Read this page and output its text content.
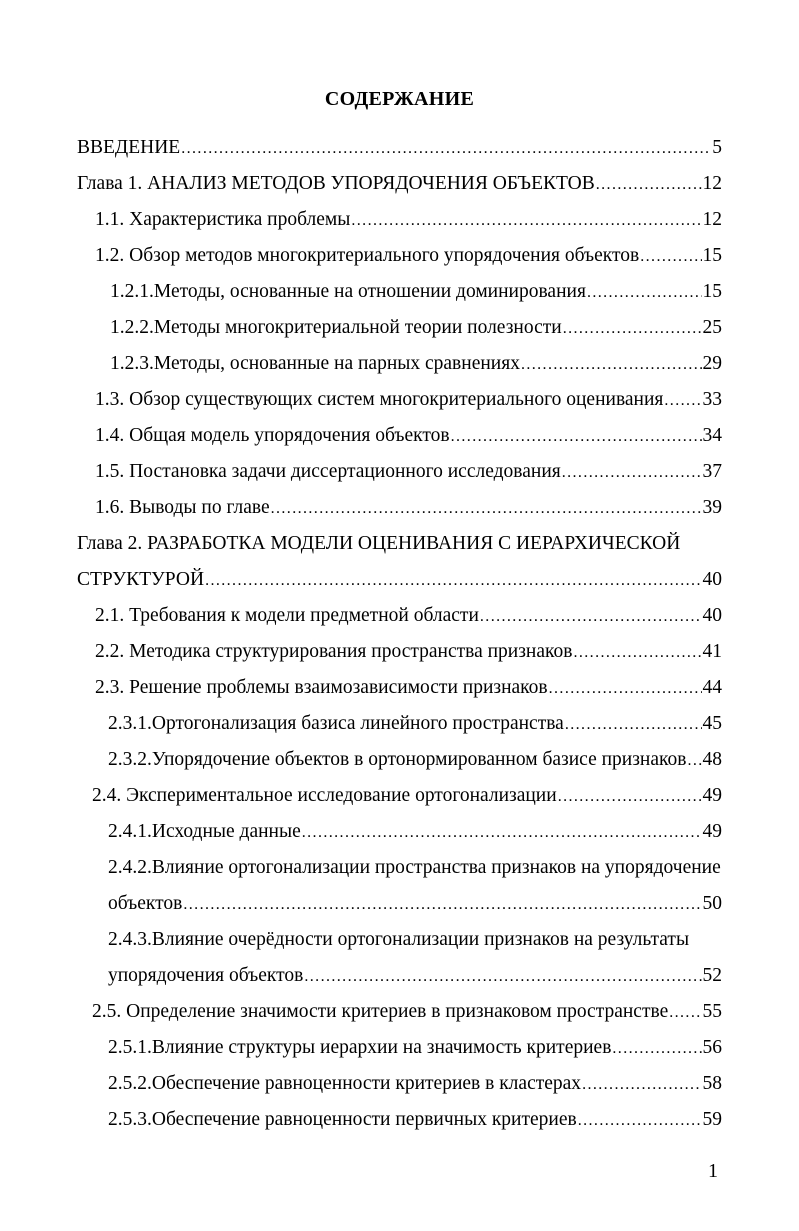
СОДЕРЖАНИЕ
ВВЕДЕНИЕ .....	5
Глава 1. АНАЛИЗ МЕТОДОВ УПОРЯДОЧЕНИЯ ОБЪЕКТОВ .....	12
1.1. Характеристика проблемы .....	12
1.2. Обзор методов многокритериального упорядочения объектов .....	15
1.2.1.Методы, основанные на отношении доминирования .....	15
1.2.2.Методы многокритериальной теории полезности .....	25
1.2.3.Методы, основанные на парных сравнениях .....	29
1.3. Обзор существующих систем многокритериального оценивания ..... 33
1.4. Общая модель упорядочения объектов .....	34
1.5. Постановка задачи диссертационного исследования .....	37
1.6. Выводы по главе .....	39
Глава 2. РАЗРАБОТКА МОДЕЛИ ОЦЕНИВАНИЯ С ИЕРАРХИЧЕСКОЙ
СТРУКТУРОЙ .....	40
2.1. Требования к модели предметной области .....	40
2.2. Методика структурирования пространства признаков .....	41
2.3. Решение проблемы взаимозависимости признаков .....	44
2.3.1.Ортогонализация базиса линейного пространства .....	45
2.3.2.Упорядочение объектов в ортонормированном базисе признаков ..... 48
2.4. Экспериментальное исследование ортогонализации .....	49
2.4.1.Исходные данные .....	49
2.4.2.Влияние ортогонализации пространства признаков на упорядочение
объектов .....	50
2.4.3.Влияние очерёдности ортогонализации признаков на результаты
упорядочения объектов .....	52
2.5. Определение значимости критериев в признаковом пространстве ..... 55
2.5.1.Влияние структуры иерархии на значимость критериев .....	56
2.5.2.Обеспечение равноценности критериев в кластерах .....	58
2.5.3.Обеспечение равноценности первичных критериев .....	59
1
